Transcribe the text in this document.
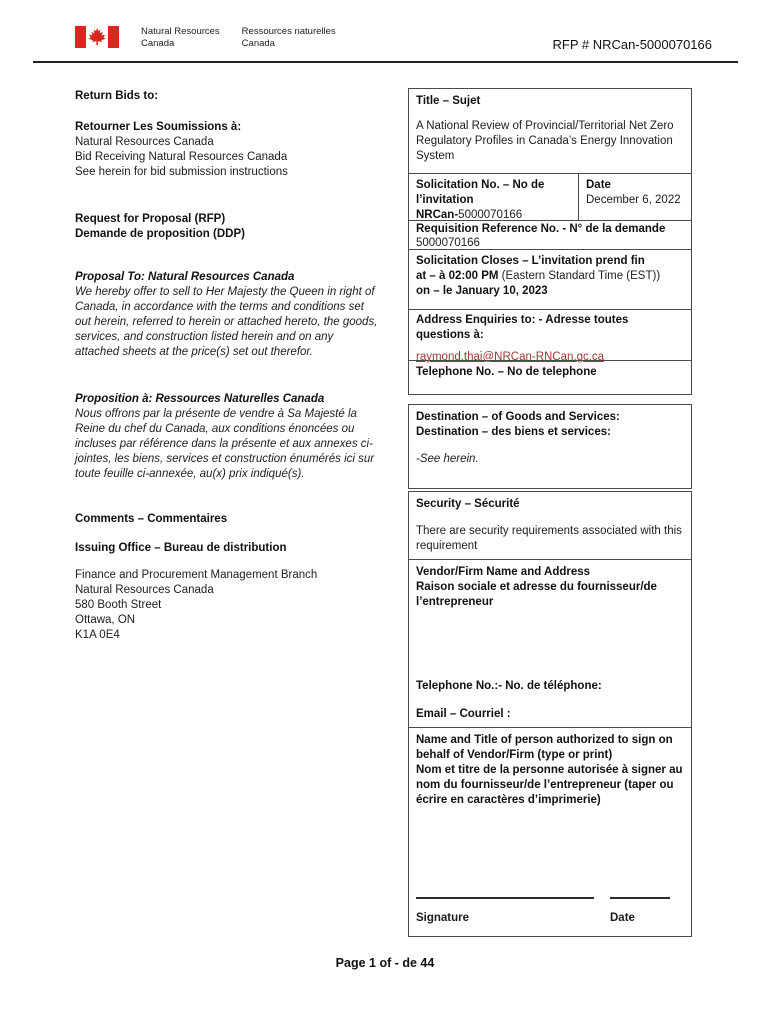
Natural Resources
Canada
Ressources naturelles
Canada	RFP # NRCan-5000070166
Return Bids to:
Retourner Les Soumissions à:
Natural Resources Canada
Bid Receiving Natural Resources Canada
See herein for bid submission instructions
Request for Proposal (RFP)
Demande de proposition (DDP)
Proposal To: Natural Resources Canada
We hereby offer to sell to Her Majesty the Queen in right of Canada, in accordance with the terms and conditions set out herein, referred to herein or attached hereto, the goods, services, and construction listed herein and on any attached sheets at the price(s) set out therefor.
Proposition à: Ressources Naturelles Canada
Nous offrons par la présente de vendre à Sa Majesté la Reine du chef du Canada, aux conditions énoncées ou incluses par référence dans la présente et aux annexes ci-jointes, les biens, services et construction énumérés ici sur toute feuille ci-annexée, au(x) prix indiqué(s).
Comments – Commentaires
Issuing Office – Bureau de distribution
Finance and Procurement Management Branch
Natural Resources Canada
580 Booth Street
Ottawa, ON
K1A 0E4
Title – Sujet
A National Review of Provincial/Territorial Net Zero Regulatory Profiles in Canada’s Energy Innovation System
Solicitation No. – No de l’invitation
NRCan-5000070166
Date
December 6, 2022
Requisition Reference No. - N° de la demande
5000070166
Solicitation Closes – L’invitation prend fin
at – à 02:00 PM (Eastern Standard Time (EST))
on – le January 10, 2023
Address Enquiries to: - Adresse toutes questions à:
raymond.thai@NRCan-RNCan.gc.ca
Telephone No. – No de telephone
Destination – of Goods and Services:
Destination – des biens et services:
-See herein.
Security – Sécurité
There are security requirements associated with this requirement
Vendor/Firm Name and Address
Raison sociale et adresse du fournisseur/de l’entrepreneur
Telephone No.:- No. de téléphone:
Email – Courriel :
Name and Title of person authorized to sign on behalf of Vendor/Firm (type or print)
Nom et titre de la personne autorisée à signer au nom du fournisseur/de l’entrepreneur (taper ou écrire en caractères d’imprimerie)
Signature	Date
Page 1 of - de 44
